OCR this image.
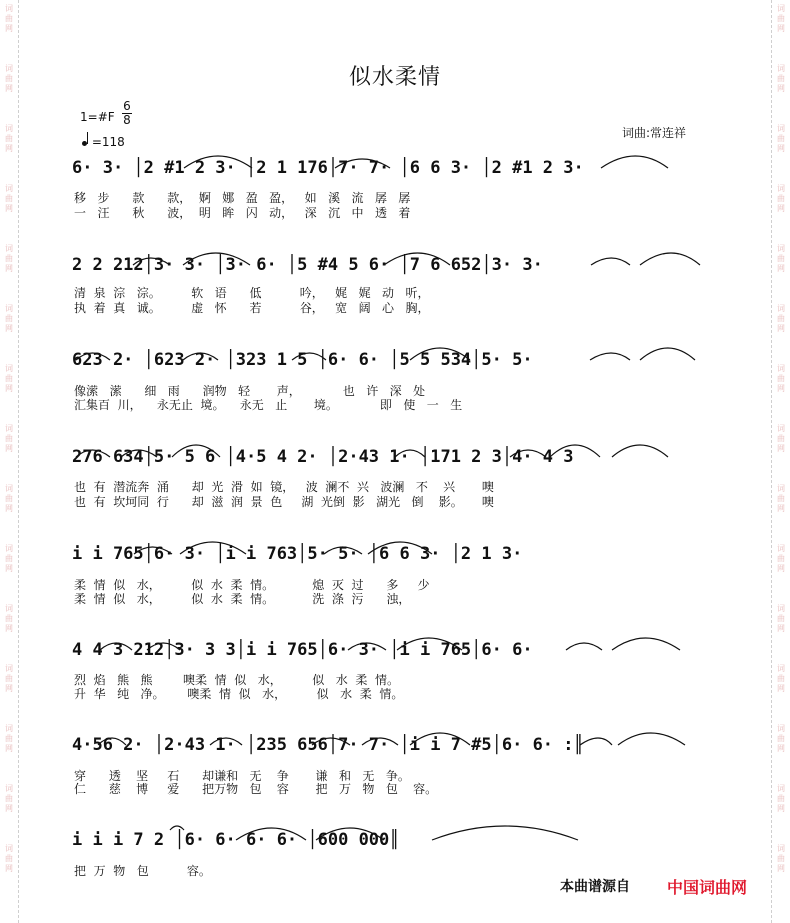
词
曲
网
词
曲
网
词
曲
网
词
曲
网
词
曲
网
词
曲
网
词
曲
网
词
曲
网
词
曲
网
词
曲
网
词
曲
网
词
曲
网
词
曲
网
词
曲
网
词
曲
网
词
曲
网
词
曲
网
词
曲
网
词
曲
网
词
曲
网
词
曲
网
词
曲
网
词
曲
网
词
曲
网
词
曲
网
词
曲
网
词
曲
网
词
曲
网
词
曲
网
词
曲
网
似水柔情
1=#F
6
8
=118
词曲:常连祥
6· 3· │2 #1 2 3· │2 1 176│7· 7· │6 6 3· │2 #1 2 3·
移   步      款      款，  婀   娜   盈   盈，   如   溪   流   孱   孱
一   汪      秋      波，  明   眸   闪   动，   深   沉   中   透   着
2 2 212│3· 3· │3· 6· │5 #4 5 6· │7 6 652│3· 3·
清  泉  淙   淙。        软   语      低          吟，   娓   娓   动   听，
执  着  真   诚。        虚   怀      若          谷，   宽   阔   心   胸，
623 2· │623 2· │323 1 5 │6· 6· │5 5 534│5· 5·
像潆   潆      细   雨      润物   轻       声，           也   许   深   处
汇集百  川，    永无止  境。    永无   止       境。           即   使   一   生
276 634│5· 5 6 │4·5 4 2· │2·43 1· │171 2 3│4· 4 3
也  有  潜流奔  涌      却  光  滑  如  镜，   波  澜不  兴   波澜   不    兴       噢
也  有  坎坷同  行      却  滋  润  景  色     湖  光倒  影   湖光   倒    影。     噢
i i 765│6· 3· │i i 763│5· 5· │6 6 3· │2 1 3·
柔  情  似   水，        似  水  柔  情。          熄  灭  过      多     少
柔  情  似   水，        似  水  柔  情。          洗  涤  污      浊，
4 4 3 212│3· 3 3│i i 765│6· 3· │i i 765│6· 6·
烈  焰   熊   熊        噢柔  情  似   水，        似   水  柔  情。
升  华   纯   净。      噢柔  情  似   水，        似   水  柔  情。
4·56 2· │2·43 1· │235 656│7· 7· │i i 7 #5│6· 6· :║
穿      透    坚     石      却谦和   无    争       谦   和   无   争。
仁      慈    博     爱      把万物   包    容       把   万   物   包    容。
i i i 7 2 │6· 6· 6· 6· │600 000║
把  万  物   包          容。
本曲谱源自 中国词曲网
